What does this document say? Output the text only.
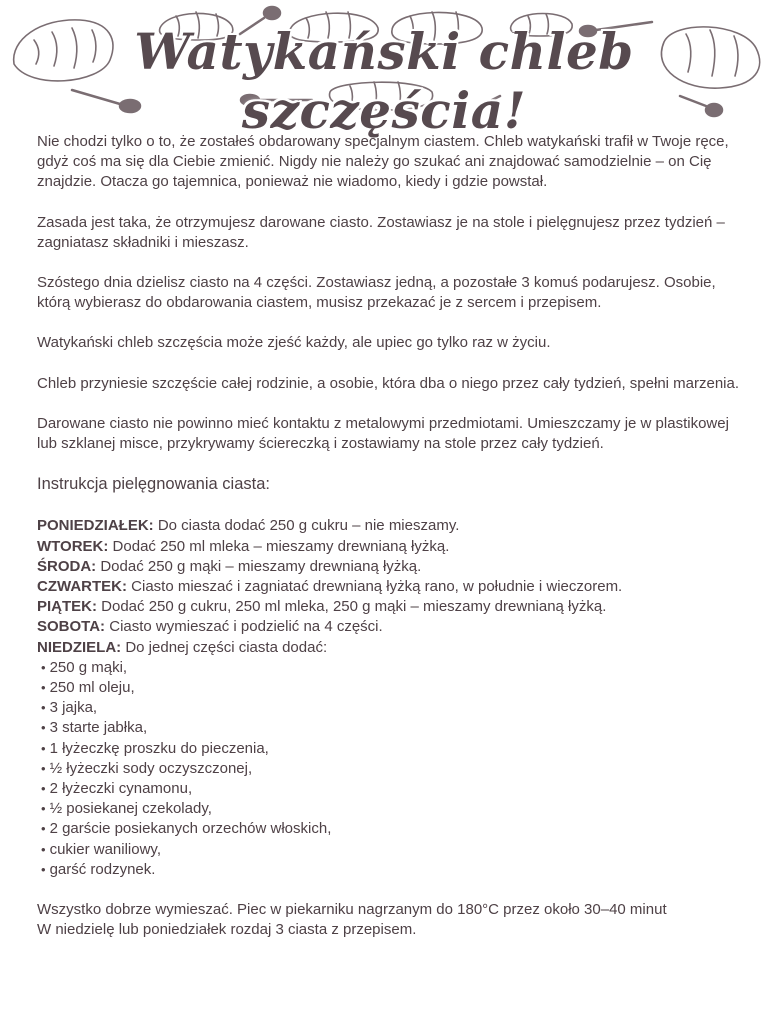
Watykański chleb szczęścia!

Nie chodzi tylko o to, że zostałeś obdarowany specjalnym ciastem. Chleb watykański trafił w Twoje ręce, gdyż coś ma się dla Ciebie zmienić. Nigdy nie należy go szukać ani znajdować samodzielnie – on Cię znajdzie. Otacza go tajemnica, ponieważ nie wiadomo, kiedy i gdzie powstał.

Zasada jest taka, że otrzymujesz darowane ciasto. Zostawiasz je na stole i pielęgnujesz przez tydzień – zagniatasz składniki i mieszasz.

Szóstego dnia dzielisz ciasto na 4 części. Zostawiasz jedną, a pozostałe 3 komuś podarujesz. Osobie, którą wybierasz do obdarowania ciastem, musisz przekazać je z sercem i przepisem.

Watykański chleb szczęścia może zjeść każdy, ale upiec go tylko raz w życiu.

Chleb przyniesie szczęście całej rodzinie, a osobie, która dba o niego przez cały tydzień, spełni marzenia.

Darowane ciasto nie powinno mieć kontaktu z metalowymi przedmiotami. Umieszczamy je w plastikowej lub szklanej misce, przykrywamy ściereczką i zostawiamy na stole przez cały tydzień.

Instrukcja pielęgnowania ciasta:
PONIEDZIAŁEK: Do ciasta dodać 250 g cukru – nie mieszamy.
WTOREK: Dodać 250 ml mleka – mieszamy drewnianą łyżką.
ŚRODA: Dodać 250 g mąki – mieszamy drewnianą łyżką.
CZWARTEK: Ciasto mieszać i zagniatać drewnianą łyżką rano, w południe i wieczorem.
PIĄTEK: Dodać 250 g cukru, 250 ml mleka, 250 g mąki – mieszamy drewnianą łyżką.
SOBOTA: Ciasto wymieszać i podzielić na 4 części.
NIEDZIELA: Do jednej części ciasta dodać:
• 250 g mąki,
• 250 ml oleju,
• 3 jajka,
• 3 starte jabłka,
• 1 łyżeczkę proszku do pieczenia,
• ½ łyżeczki sody oczyszczonej,
• 2 łyżeczki cynamonu,
• ½ posiekanej czekolady,
• 2 garście posiekanych orzechów włoskich,
• cukier waniliowy,
• garść rodzynek.
Wszystko dobrze wymieszać. Piec w piekarniku nagrzanym do 180°C przez około 30–40 minut
W niedzielę lub poniedziałek rozdaj 3 ciasta z przepisem.
